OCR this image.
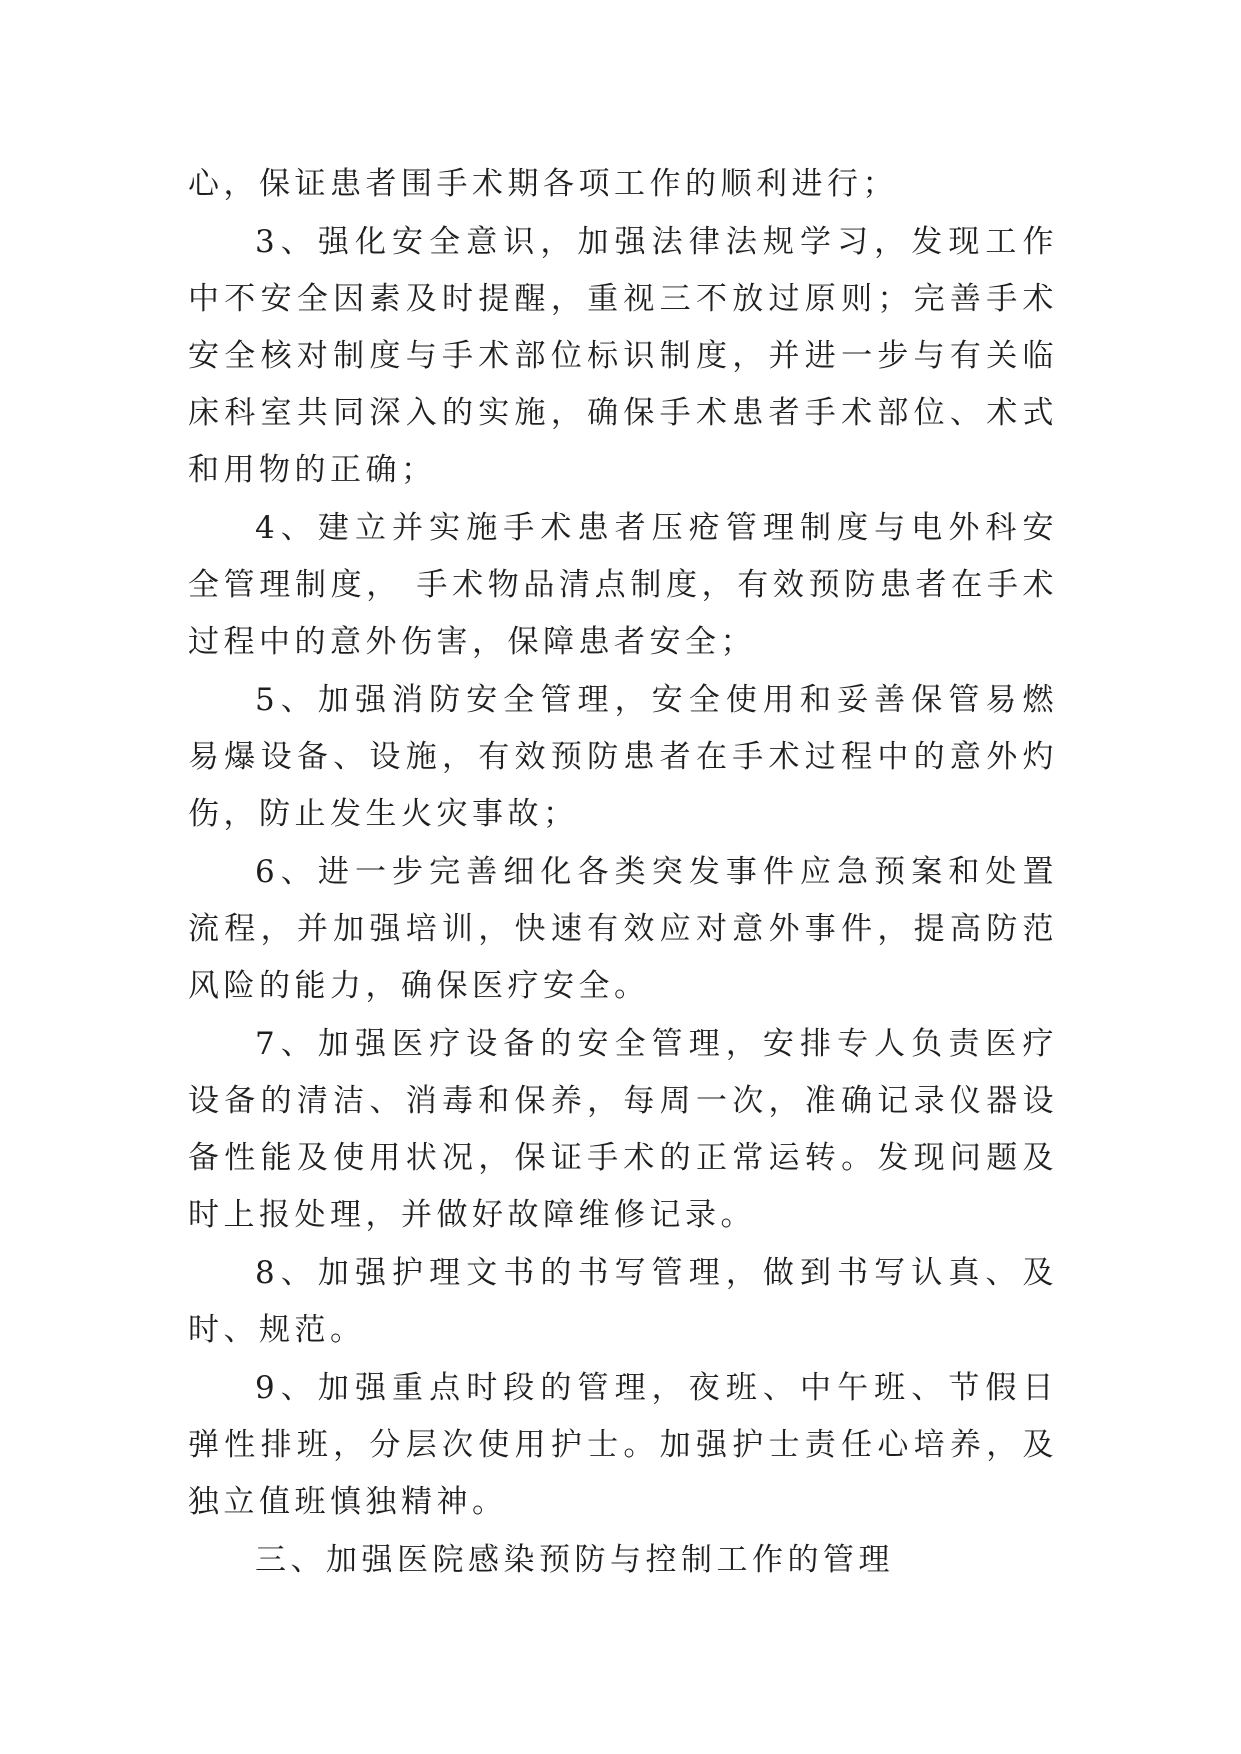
心，保证患者围手术期各项工作的顺利进行；

3、强化安全意识，加强法律法规学习，发现工作中不安全因素及时提醒，重视三不放过原则；完善手术安全核对制度与手术部位标识制度，并进一步与有关临床科室共同深入的实施，确保手术患者手术部位、术式和用物的正确；

4、建立并实施手术患者压疮管理制度与电外科安全管理制度， 手术物品清点制度，有效预防患者在手术过程中的意外伤害，保障患者安全；

5、加强消防安全管理，安全使用和妥善保管易燃易爆设备、设施，有效预防患者在手术过程中的意外灼伤，防止发生火灾事故；

6、进一步完善细化各类突发事件应急预案和处置流程，并加强培训，快速有效应对意外事件，提高防范风险的能力，确保医疗安全。

7、加强医疗设备的安全管理，安排专人负责医疗设备的清洁、消毒和保养，每周一次，准确记录仪器设备性能及使用状况，保证手术的正常运转。发现问题及时上报处理，并做好故障维修记录。

8、加强护理文书的书写管理，做到书写认真、及时、规范。

9、加强重点时段的管理，夜班、中午班、节假日弹性排班，分层次使用护士。加强护士责任心培养，及独立值班慎独精神。

三、加强医院感染预防与控制工作的管理
